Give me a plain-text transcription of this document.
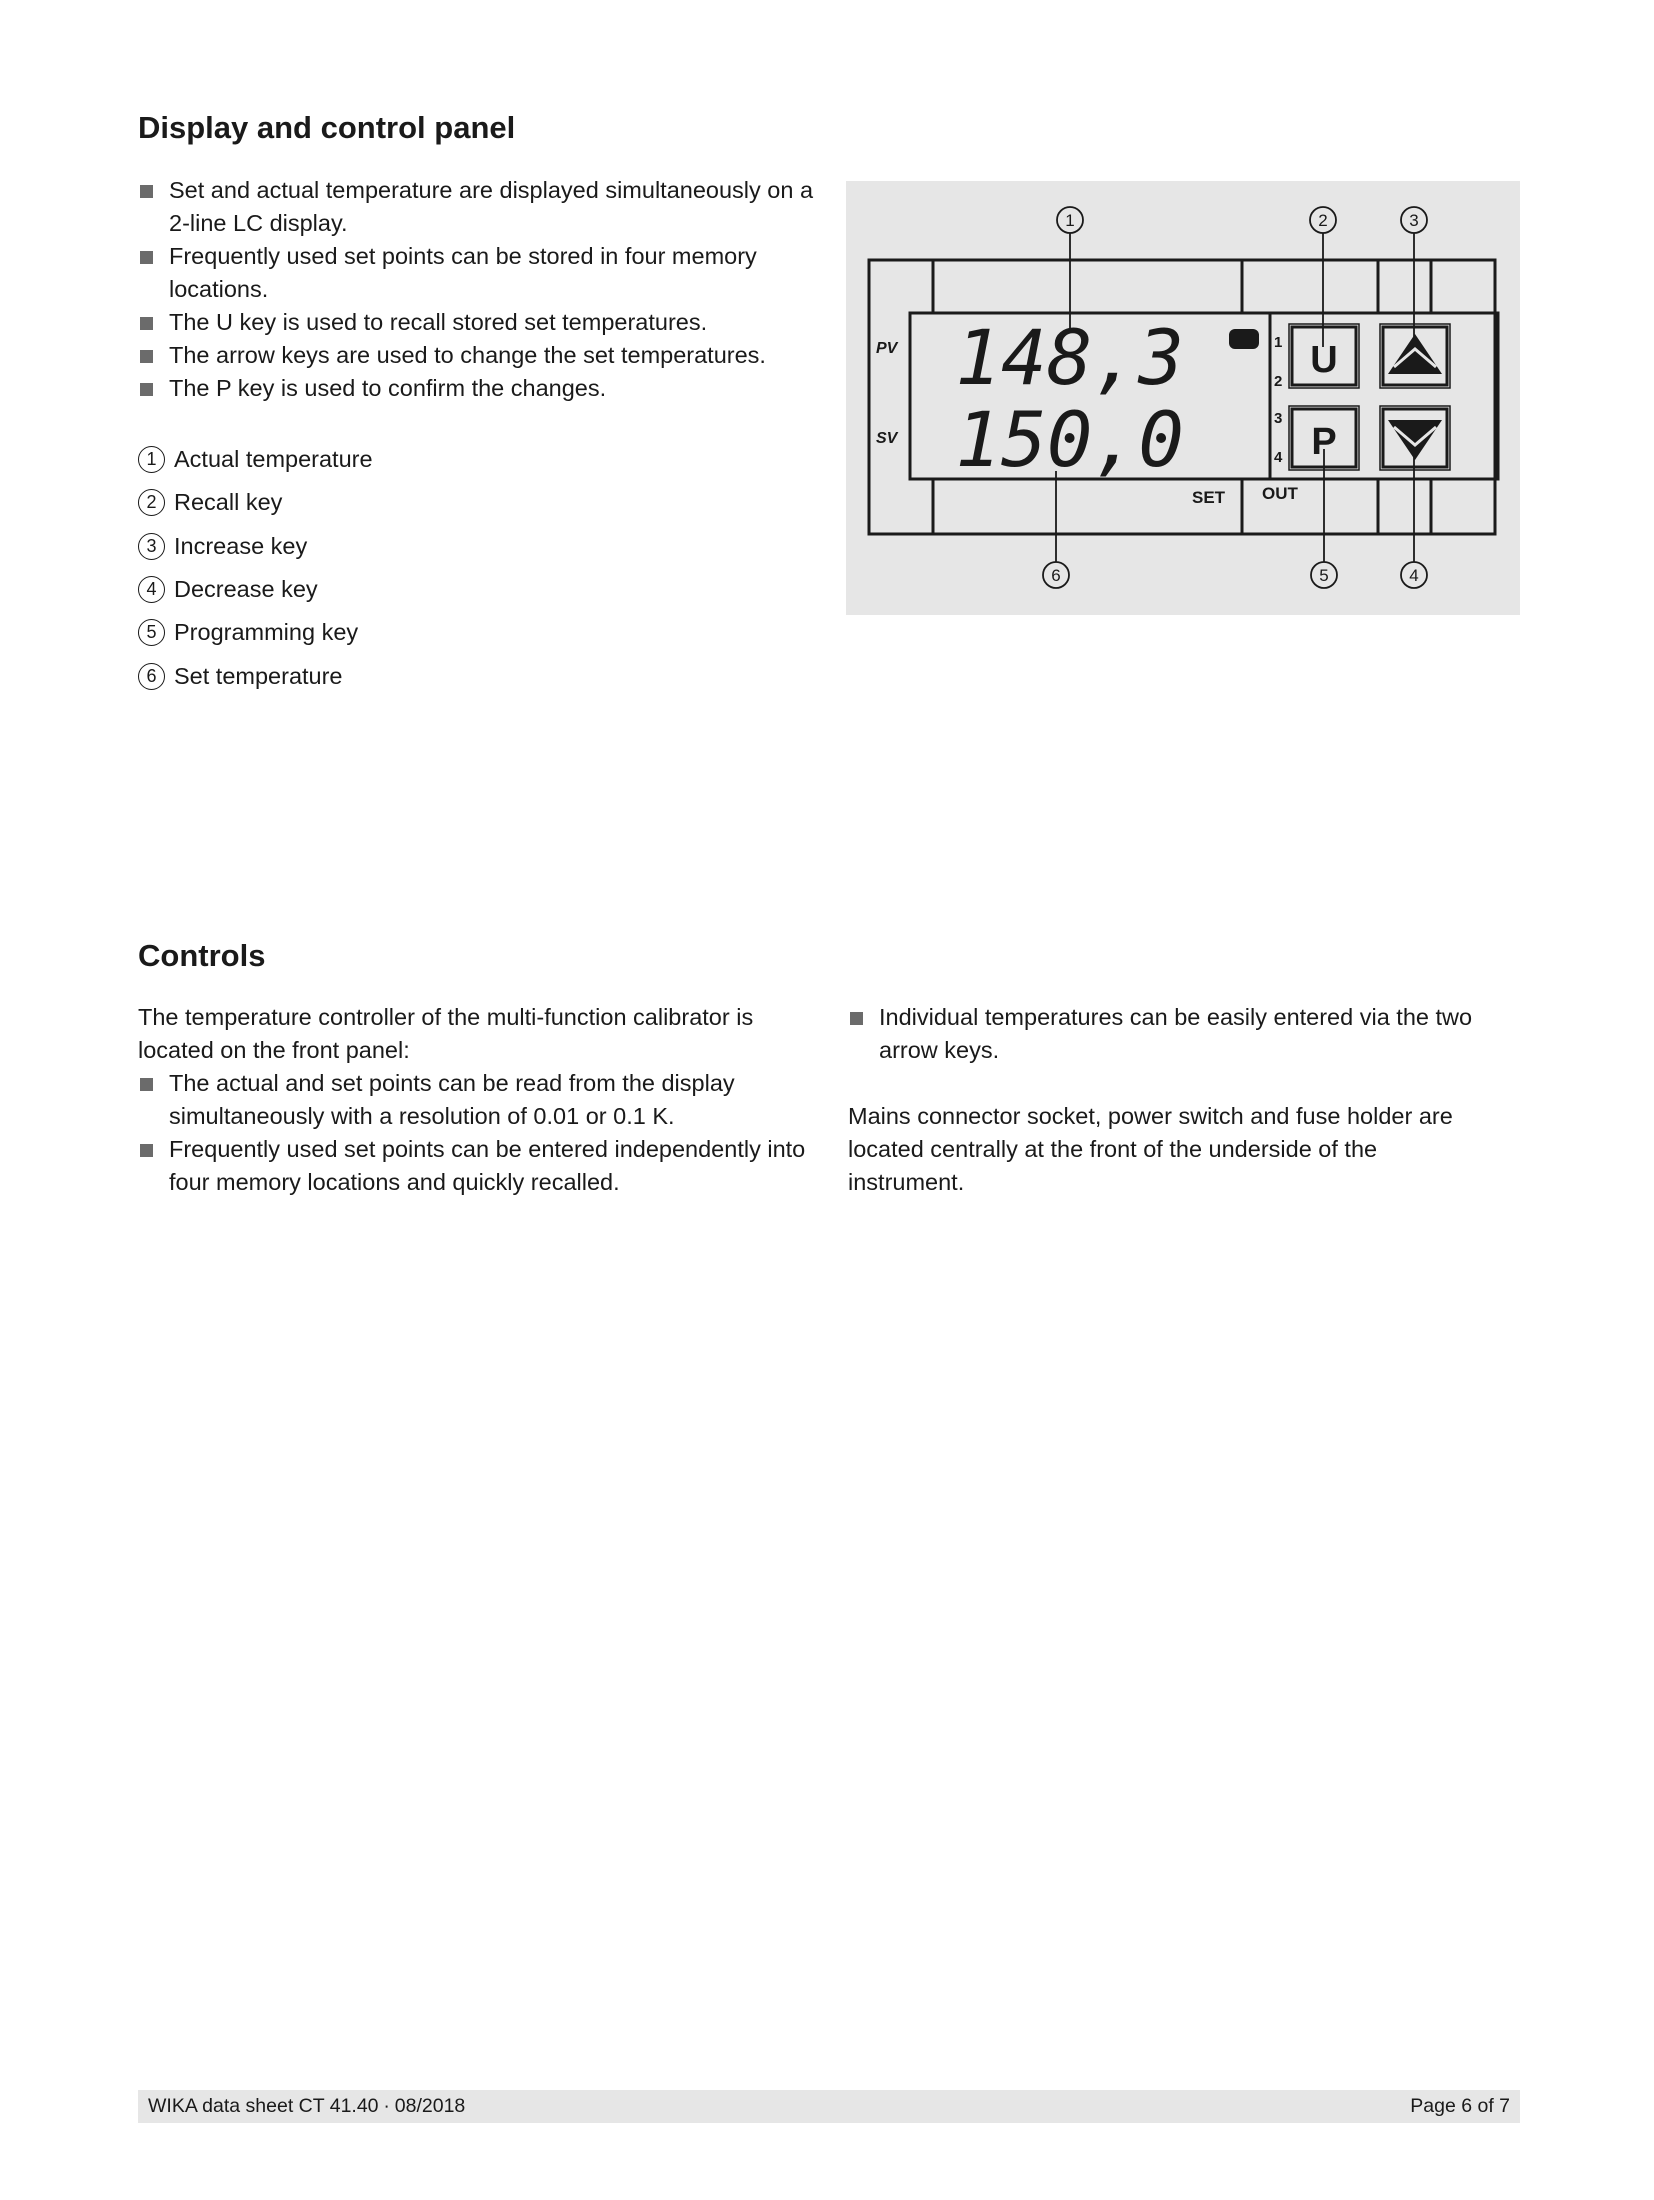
Display and control panel
Set and actual temperature are displayed simultaneously on a 2-line LC display.
Frequently used set points can be stored in four memory locations.
The U key is used to recall stored set temperatures.
The arrow keys are used to change the set temperatures.
The P key is used to confirm the changes.
1 Actual temperature
2 Recall key
3 Increase key
4 Decrease key
5 Programming key
6 Set temperature
PV
SV
148,3
150,0
SET OUT
1
2
3
4
U
P
1	2	3
4
5
6
Controls

The temperature controller of the multi-function calibrator is located on the front panel:

The actual and set points can be read from the display simultaneously with a resolution of 0.01 or 0.1 K.
Frequently used set points can be entered independently into four memory locations and quickly recalled.
Individual temperatures can be easily entered via the two arrow keys.

Mains connector socket, power switch and fuse holder are located centrally at the front of the underside of the instrument.

WIKA data sheet CT 41.40 ∙ 08/2018	Page 6 of 7
